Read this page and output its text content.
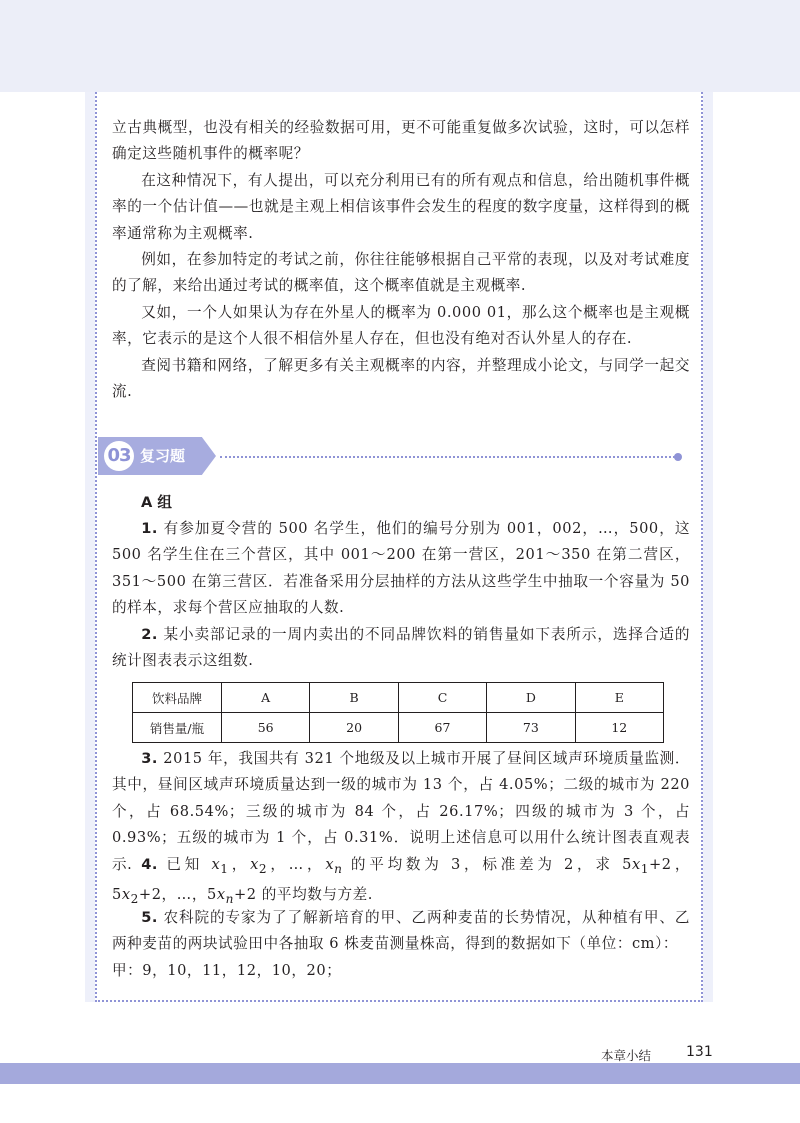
立古典概型，也没有相关的经验数据可用，更不可能重复做多次试验，这时，可以怎样确定这些随机事件的概率呢？

在这种情况下，有人提出，可以充分利用已有的所有观点和信息，给出随机事件概率的一个估计值——也就是主观上相信该事件会发生的程度的数字度量，这样得到的概率通常称为主观概率.

例如，在参加特定的考试之前，你往往能够根据自己平常的表现，以及对考试难度的了解，来给出通过考试的概率值，这个概率值就是主观概率.

又如，一个人如果认为存在外星人的概率为 0.000 01，那么这个概率也是主观概率，它表示的是这个人很不相信外星人存在，但也没有绝对否认外星人的存在.

查阅书籍和网络，了解更多有关主观概率的内容，并整理成小论文，与同学一起交流.

03 复习题
A 组

1. 有参加夏令营的 500 名学生，他们的编号分别为 001，002，…，500，这 500 名学生住在三个营区，其中 001～200 在第一营区，201～350 在第二营区，351～500 在第三营区．若准备采用分层抽样的方法从这些学生中抽取一个容量为 50 的样本，求每个营区应抽取的人数.

2. 某小卖部记录的一周内卖出的不同品牌饮料的销售量如下表所示，选择合适的统计图表表示这组数.

饮料品牌	A	B	C	D	E
销售量/瓶	56	20	67	73	12

3. 2015 年，我国共有 321 个地级及以上城市开展了昼间区域声环境质量监测．其中，昼间区域声环境质量达到一级的城市为 13 个，占 4.05%；二级的城市为 220 个，占 68.54%；三级的城市为 84 个，占 26.17%；四级的城市为 3 个，占 0.93%；五级的城市为 1 个，占 0.31%．说明上述信息可以用什么统计图表直观表示. 4. 已知 $x_1$，$x_2$，…，$x_n$ 的平均数为 3，标准差为 2，求 $5x_1+2$，$5x_2+2$，…，$5x_n+2$ 的平均数与方差.

5. 农科院的专家为了了解新培育的甲、乙两种麦苗的长势情况，从种植有甲、乙两种麦苗的两块试验田中各抽取 6 株麦苗测量株高，得到的数据如下（单位：cm）：

甲：9，10，11，12，10，20；

本章小结 131
